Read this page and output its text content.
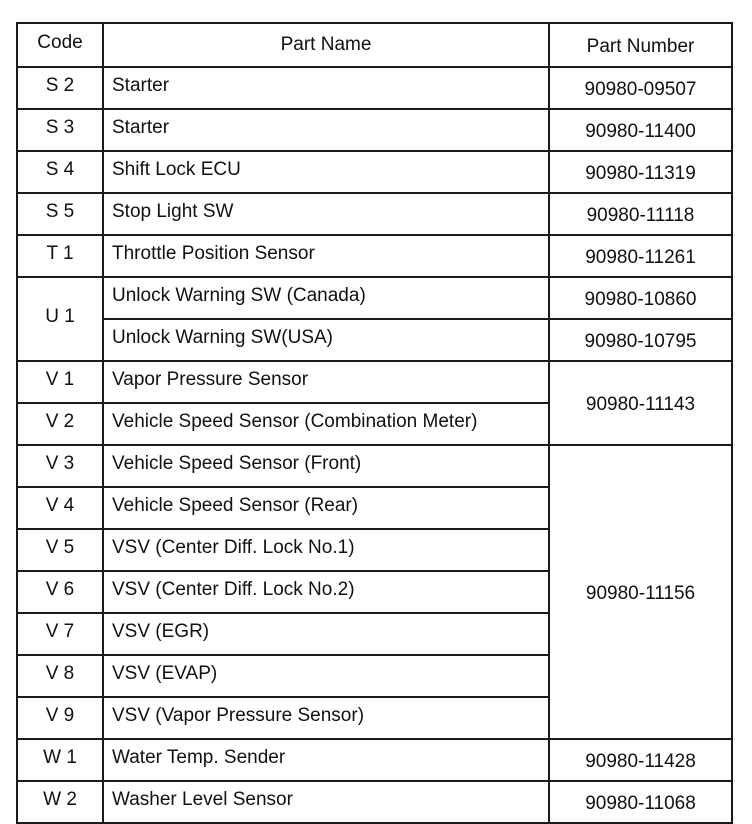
Code	Part Name	Part Number
S 2	Starter	90980-09507
S 3	Starter	90980-11400
S 4	Shift Lock ECU	90980-11319
S 5	Stop Light SW	90980-11118
T 1	Throttle Position Sensor	90980-11261
U 1	Unlock Warning SW (Canada)	90980-10860
	Unlock Warning SW(USA)	90980-10795
V 1	Vapor Pressure Sensor	90980-11143
V 2	Vehicle Speed Sensor (Combination Meter)	
V 3	Vehicle Speed Sensor (Front)	90980-11156
V 4	Vehicle Speed Sensor (Rear)	
V 5	VSV (Center Diff. Lock No.1)	
V 6	VSV (Center Diff. Lock No.2)	
V 7	VSV (EGR)	
V 8	VSV (EVAP)	
V 9	VSV (Vapor Pressure Sensor)	
W 1	Water Temp. Sender	90980-11428
W 2	Washer Level Sensor	90980-11068
